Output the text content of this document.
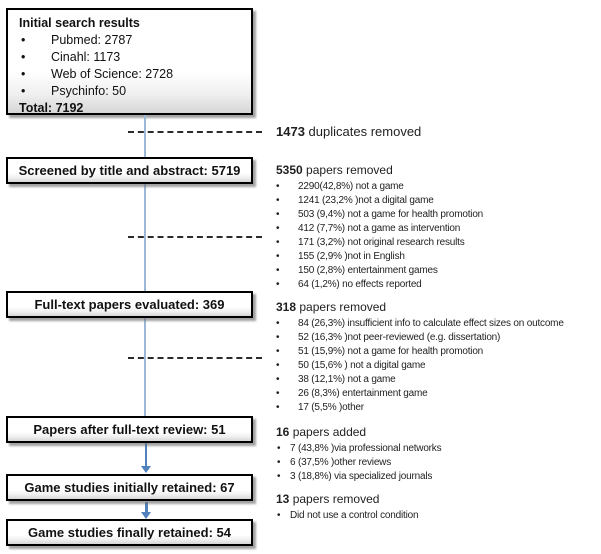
Initial search results
• Pubmed: 2787
• Cinahl: 1173
• Web of Science: 2728
• Psychinfo: 50
Total: 7192
Screened by title and abstract: 5719
Full-text papers evaluated: 369
Papers after full-text review: 51
Game studies initially retained: 67
Game studies finally retained: 54
1473 duplicates removed
5350 papers removed
• 2290(42,8%) not a game
• 1241 (23,2% )not a digital game
• 503 (9,4%) not a game for health promotion
• 412 (7,7%) not a game as intervention
• 171 (3,2%) not original research results
• 155 (2,9% )not in English
• 150 (2,8%) entertainment games
• 64 (1,2%) no effects reported
318 papers removed
• 84 (26,3%) insufficient info to calculate effect sizes on outcome
• 52 (16,3% )not peer-reviewed (e.g. dissertation)
• 51 (15,9%) not a game for health promotion
• 50 (15,6% ) not a digital game
• 38 (12,1%) not a game
• 26 (8,3%) entertainment game
• 17 (5,5% )other
16 papers added
• 7 (43,8% )via professional networks
• 6 (37,5% )other reviews
• 3 (18,8%) via specialized journals
13 papers removed
• Did not use a control condition
